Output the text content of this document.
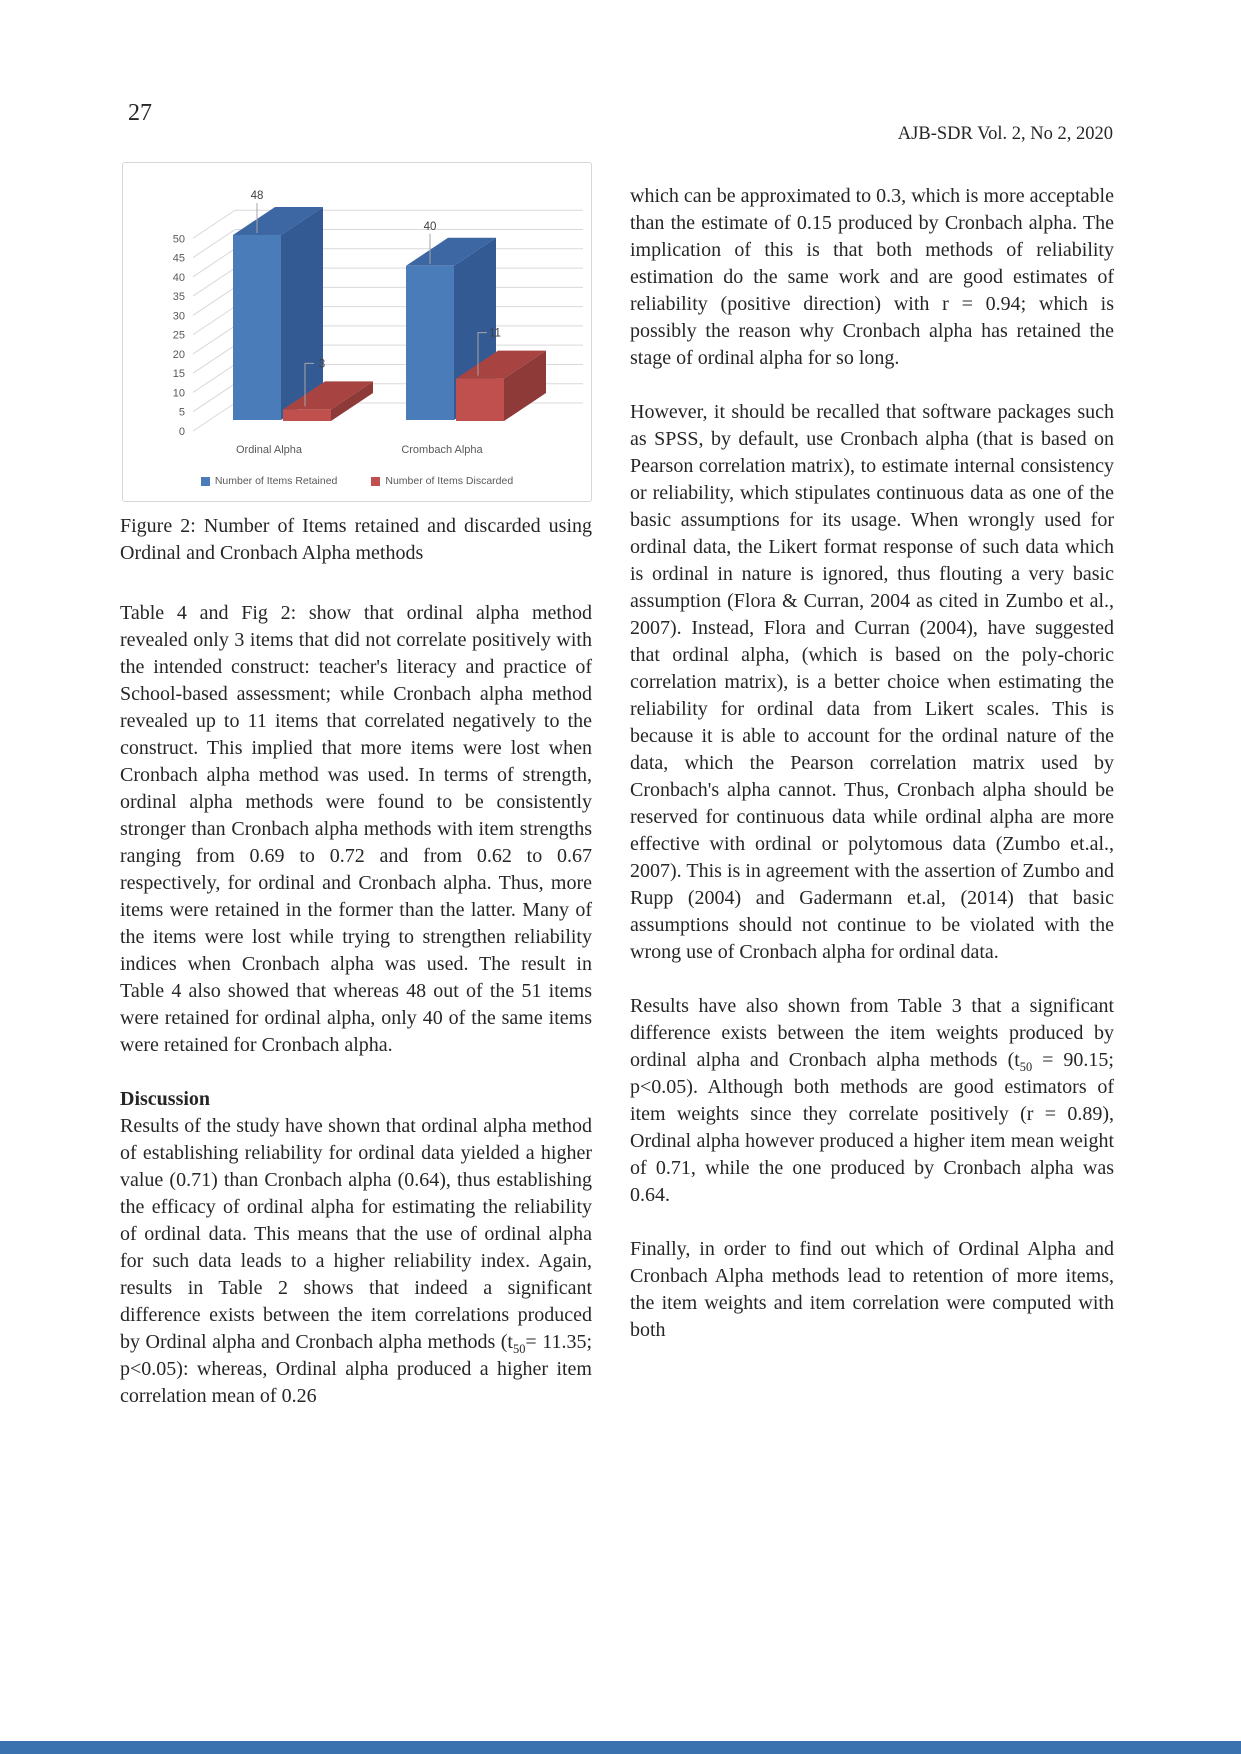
27
AJB-SDR Vol. 2, No 2, 2020
0
5
10
15
20
25
30
35
40
45
50
48
40
3
11
Ordinal Alpha	Crombach Alpha
Number of Items Retained	Number of Items Discarded

Figure 2: Number of Items retained and discarded using Ordinal and Cronbach Alpha methods

Table 4 and Fig 2: show that ordinal alpha method revealed only 3 items that did not correlate positively with the intended construct: teacher's literacy and practice of School-based assessment; while Cronbach alpha method revealed up to 11 items that correlated negatively to the construct. This implied that more items were lost when Cronbach alpha method was used. In terms of strength, ordinal alpha methods were found to be consistently stronger than Cronbach alpha methods with item strengths ranging from 0.69 to 0.72 and from 0.62 to 0.67 respectively, for ordinal and Cronbach alpha. Thus, more items were retained in the former than the latter. Many of the items were lost while trying to strengthen reliability indices when Cronbach alpha was used. The result in Table 4 also showed that whereas 48 out of the 51 items were retained for ordinal alpha, only 40 of the same items were retained for Cronbach alpha.

Discussion

Results of the study have shown that ordinal alpha method of establishing reliability for ordinal data yielded a higher value (0.71) than Cronbach alpha (0.64), thus establishing the efficacy of ordinal alpha for estimating the reliability of ordinal data. This means that the use of ordinal alpha for such data leads to a higher reliability index. Again, results in Table 2 shows that indeed a significant difference exists between the item correlations produced by Ordinal alpha and Cronbach alpha methods ($t_{50}= 11.35$; p<0.05): whereas, Ordinal alpha produced a higher item correlation mean of 0.26

which can be approximated to 0.3, which is more acceptable than the estimate of 0.15 produced by Cronbach alpha. The implication of this is that both methods of reliability estimation do the same work and are good estimates of reliability (positive direction) with r = 0.94; which is possibly the reason why Cronbach alpha has retained the stage of ordinal alpha for so long.

However, it should be recalled that software packages such as SPSS, by default, use Cronbach alpha (that is based on Pearson correlation matrix), to estimate internal consistency or reliability, which stipulates continuous data as one of the basic assumptions for its usage. When wrongly used for ordinal data, the Likert format response of such data which is ordinal in nature is ignored, thus flouting a very basic assumption (Flora & Curran, 2004 as cited in Zumbo et al., 2007). Instead, Flora and Curran (2004), have suggested that ordinal alpha, (which is based on the poly-choric correlation matrix), is a better choice when estimating the reliability for ordinal data from Likert scales. This is because it is able to account for the ordinal nature of the data, which the Pearson correlation matrix used by Cronbach's alpha cannot. Thus, Cronbach alpha should be reserved for continuous data while ordinal alpha are more effective with ordinal or polytomous data (Zumbo et.al., 2007). This is in agreement with the assertion of Zumbo and Rupp (2004) and Gadermann et.al, (2014) that basic assumptions should not continue to be violated with the wrong use of Cronbach alpha for ordinal data.

Results have also shown from Table 3 that a significant difference exists between the item weights produced by ordinal alpha and Cronbach alpha methods ($t_{50} = 90.15$; p<0.05). Although both methods are good estimators of item weights since they correlate positively (r = 0.89), Ordinal alpha however produced a higher item mean weight of 0.71, while the one produced by Cronbach alpha was 0.64.

Finally, in order to find out which of Ordinal Alpha and Cronbach Alpha methods lead to retention of more items, the item weights and item correlation were computed with both
